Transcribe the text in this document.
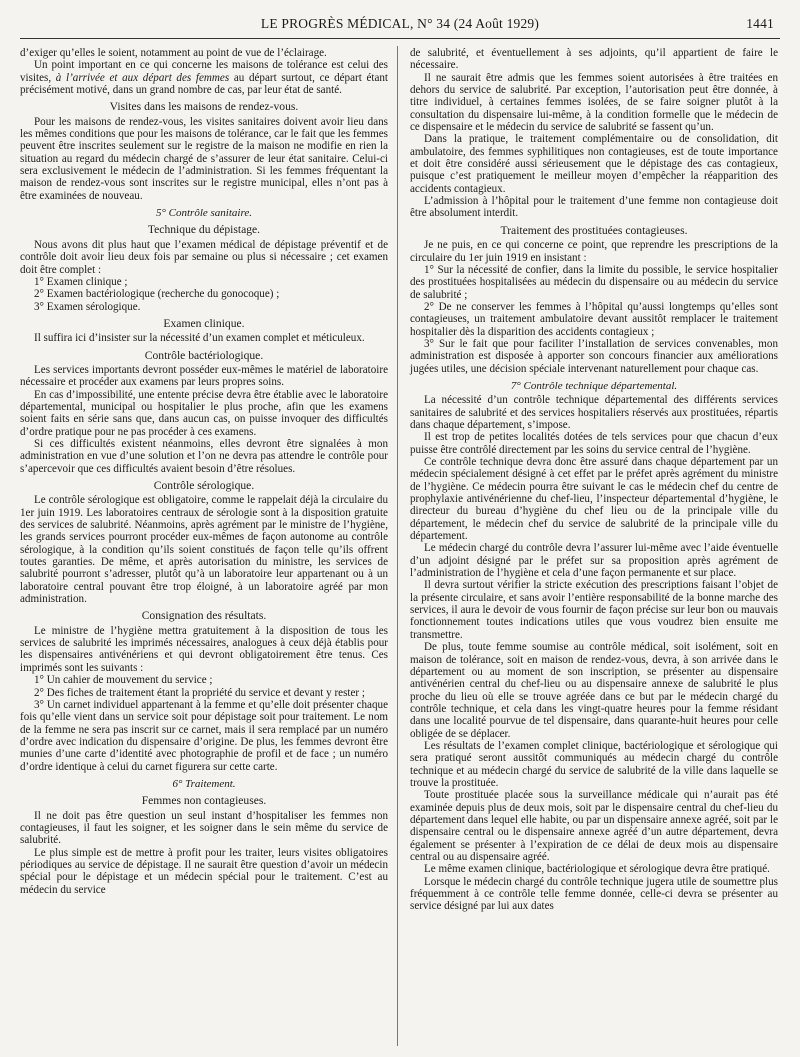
LE PROGRÈS MÉDICAL, N° 34 (24 Août 1929)	1441

d’exiger qu’elles le soient, notamment au point de vue de l’éclairage.

Un point important en ce qui concerne les maisons de tolérance est celui des visites, à l’arrivée et aux départ des femmes au départ surtout, ce départ étant précisément motivé, dans un grand nombre de cas, par leur état de santé.

Visites dans les maisons de rendez-vous.

Pour les maisons de rendez-vous, les visites sanitaires doivent avoir lieu dans les mêmes conditions que pour les maisons de tolérance, car le fait que les femmes peuvent être inscrites seulement sur le registre de la maison ne modifie en rien la situation au regard du médecin chargé de s’assurer de leur état sanitaire. Celui-ci sera exclusivement le médecin de l’administration. Si les femmes fréquentant la maison de rendez-vous sont inscrites sur le registre municipal, elles n’ont pas à être examinées de nouveau.

5° Contrôle sanitaire.

Technique du dépistage.

Nous avons dit plus haut que l’examen médical de dépistage préventif et de contrôle doit avoir lieu deux fois par semaine ou plus si nécessaire ; cet examen doit être complet :

1° Examen clinique ;

2° Examen bactériologique (recherche du gonocoque) ;

3° Examen sérologique.

Examen clinique.

Il suffira ici d’insister sur la nécessité d’un examen complet et méticuleux.

Contrôle bactériologique.

Les services importants devront posséder eux-mêmes le matériel de laboratoire nécessaire et procéder aux examens par leurs propres soins.

En cas d’impossibilité, une entente précise devra être établie avec le laboratoire départemental, municipal ou hospitalier le plus proche, afin que les examens soient faits en série sans que, dans aucun cas, on puisse invoquer des difficultés d’ordre pratique pour ne pas procéder à ces examens.

Si ces difficultés existent néanmoins, elles devront être signalées à mon administration en vue d’une solution et l’on ne devra pas attendre le contrôle pour s’apercevoir que ces difficultés avaient besoin d’être résolues.

Contrôle sérologique.

Le contrôle sérologique est obligatoire, comme le rappelait déjà la circulaire du 1er juin 1919. Les laboratoires centraux de sérologie sont à la disposition gratuite des services de salubrité. Néanmoins, après agrément par le ministre de l’hygiène, les grands services pourront procéder eux-mêmes de façon autonome au contrôle sérologique, à la condition qu’ils soient constitués de façon telle qu’ils offrent toutes garanties. De même, et après autorisation du ministre, les services de salubrité pourront s’adresser, plutôt qu’à un laboratoire leur appartenant ou à un laboratoire central pouvant être trop éloigné, à un laboratoire agréé par mon administration.

Consignation des résultats.

Le ministre de l’hygiène mettra gratuitement à la disposition de tous les services de salubrité les imprimés nécessaires, analogues à ceux déjà établis pour les dispensaires antivénériens et qui devront obligatoirement être tenus. Ces imprimés sont les suivants :

1° Un cahier de mouvement du service ;

2° Des fiches de traitement étant la propriété du service et devant y rester ;

3° Un carnet individuel appartenant à la femme et qu’elle doit présenter chaque fois qu’elle vient dans un service soit pour dépistage soit pour traitement. Le nom de la femme ne sera pas inscrit sur ce carnet, mais il sera remplacé par un numéro d’ordre avec indication du dispensaire d’origine. De plus, les femmes devront être munies d’une carte d’identité avec photographie de profil et de face ; un numéro d’ordre identique à celui du carnet figurera sur cette carte.

6° Traitement.

Femmes non contagieuses.

Il ne doit pas être question un seul instant d’hospitaliser les femmes non contagieuses, il faut les soigner, et les soigner dans le sein même du service de salubrité.

Le plus simple est de mettre à profit pour les traiter, leurs visites obligatoires périodiques au service de dépistage. Il ne saurait être question d’avoir un médecin spécial pour le dépistage et un médecin spécial pour le traitement. C’est au médecin du service

de salubrité, et éventuellement à ses adjoints, qu’il appartient de faire le nécessaire.

Il ne saurait être admis que les femmes soient autorisées à être traitées en dehors du service de salubrité. Par exception, l’autorisation peut être donnée, à titre individuel, à certaines femmes isolées, de se faire soigner plutôt à la consultation du dispensaire lui-même, à la condition formelle que le médecin de ce dispensaire et le médecin du service de salubrité se fassent qu’un.

Dans la pratique, le traitement complémentaire ou de consolidation, dit ambulatoire, des femmes syphilitiques non contagieuses, est de toute importance et doit être considéré aussi sérieusement que le dépistage des cas contagieux, puisque c’est pratiquement le meilleur moyen d’empêcher la réapparition des accidents contagieux.

L’admission à l’hôpital pour le traitement d’une femme non contagieuse doit être absolument interdit.

Traitement des prostituées contagieuses.

Je ne puis, en ce qui concerne ce point, que reprendre les prescriptions de la circulaire du 1er juin 1919 en insistant :

1° Sur la nécessité de confier, dans la limite du possible, le service hospitalier des prostituées hospitalisées au médecin du dispensaire ou au médecin du service de salubrité ;

2° De ne conserver les femmes à l’hôpital qu’aussi longtemps qu’elles sont contagieuses, un traitement ambulatoire devant aussitôt remplacer le traitement hospitalier dès la disparition des accidents contagieux ;

3° Sur le fait que pour faciliter l’installation de services convenables, mon administration est disposée à apporter son concours financier aux améliorations jugées utiles, une décision spéciale intervenant naturellement pour chaque cas.

7° Contrôle technique départemental.

La nécessité d’un contrôle technique départemental des différents services sanitaires de salubrité et des services hospitaliers réservés aux prostituées, répartis dans chaque département, s’impose.

Il est trop de petites localités dotées de tels services pour que chacun d’eux puisse être contrôlé directement par les soins du service central de l’hygiène.

Ce contrôle technique devra donc être assuré dans chaque département par un médecin spécialement désigné à cet effet par le préfet après agrément du ministre de l’hygiène. Ce médecin pourra être suivant le cas le médecin chef du centre de prophylaxie antivénérienne du chef-lieu, l’inspecteur départemental d’hygiène, le directeur du bureau d’hygiène du chef lieu ou de la principale ville du département, le médecin chef du service de salubrité de la principale ville du département.

Le médecin chargé du contrôle devra l’assurer lui-même avec l’aide éventuelle d’un adjoint désigné par le préfet sur sa proposition après agrément de l’administration de l’hygiène et cela d’une façon permanente et sur place.

Il devra surtout vérifier la stricte exécution des prescriptions faisant l’objet de la présente circulaire, et sans avoir l’entière responsabilité de la bonne marche des services, il aura le devoir de vous fournir de façon précise sur leur bon ou mauvais fonctionnement toutes indications utiles que vous voudrez bien ensuite me transmettre.

De plus, toute femme soumise au contrôle médical, soit isolément, soit en maison de tolérance, soit en maison de rendez-vous, devra, à son arrivée dans le département ou au moment de son inscription, se présenter au dispensaire antivénérien central du chef-lieu ou au dispensaire annexe de salubrité le plus proche du lieu où elle se trouve agréée dans ce but par le médecin chargé du contrôle technique, et cela dans les vingt-quatre heures pour la femme résidant dans une localité pourvue de tel dispensaire, dans quarante-huit heures pour celle obligée de se déplacer.

Les résultats de l’examen complet clinique, bactériologique et sérologique qui sera pratiqué seront aussitôt communiqués au médecin chargé du contrôle technique et au médecin chargé du service de salubrité de la ville dans laquelle se trouve la prostituée.

Toute prostituée placée sous la surveillance médicale qui n’aurait pas été examinée depuis plus de deux mois, soit par le dispensaire central du chef-lieu du département dans lequel elle habite, ou par un dispensaire annexe agréé, soit par le dispensaire central ou le dispensaire annexe agréé d’un autre département, devra également se présenter à l’expiration de ce délai de deux mois au dispensaire central ou au dispensaire agréé.

Le même examen clinique, bactériologique et sérologique devra être pratiqué.

Lorsque le médecin chargé du contrôle technique jugera utile de soumettre plus fréquemment à ce contrôle telle femme donnée, celle-ci devra se présenter au service désigné par lui aux dates
